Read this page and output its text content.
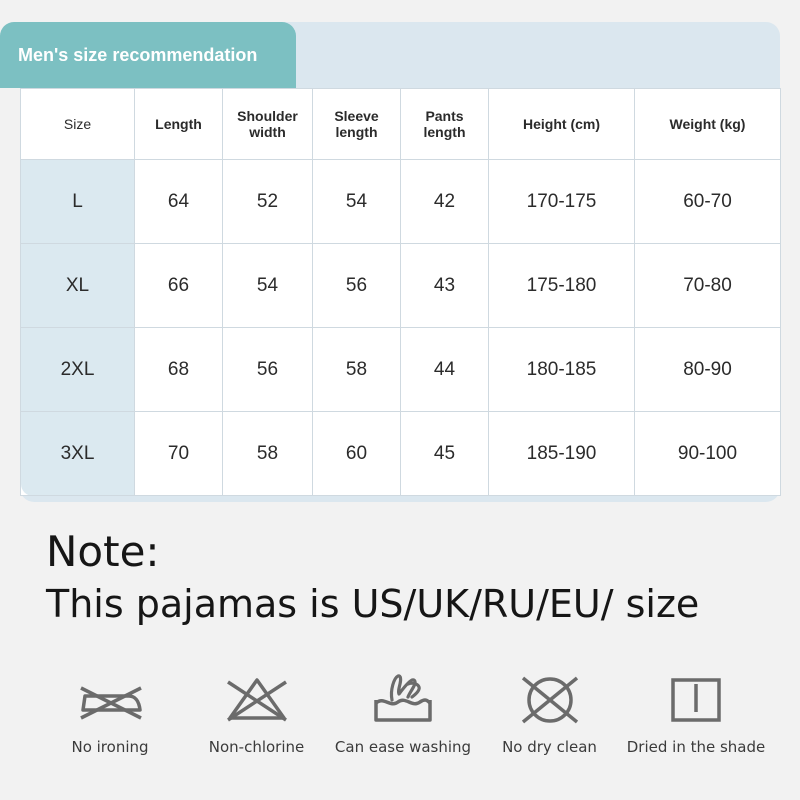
Men's size recommendation
Size	Length	Shoulder width	Sleeve length	Pants length	Height (cm)	Weight (kg)
L	64	52	54	42	170-175	60-70
XL	66	54	56	43	175-180	70-80
2XL	68	56	58	44	180-185	80-90
3XL	70	58	60	45	185-190	90-100
Note:
This pajamas is US/UK/RU/EU/ size
No ironing	Non-chlorine Can ease washing No dry clean Dried in the shade
